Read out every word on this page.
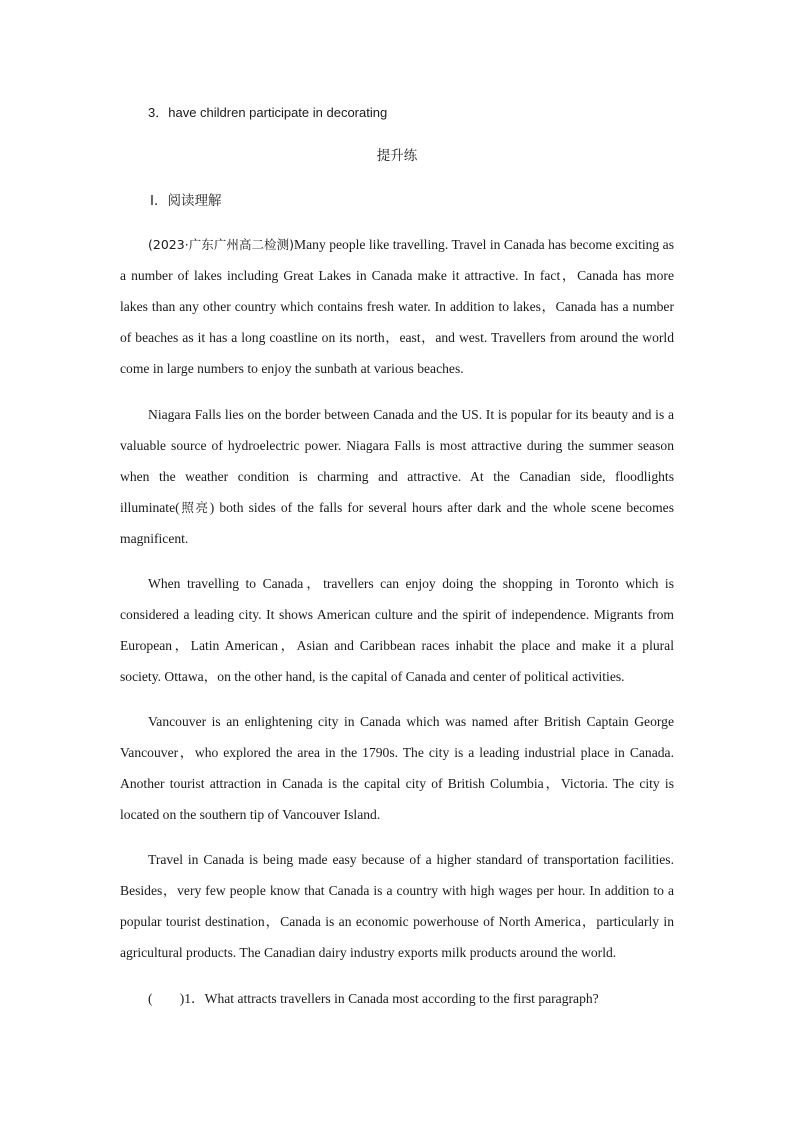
3．have children participate in decorating
提升练
Ⅰ．阅读理解
(2023·广东广州高二检测)Many people like travelling. Travel in Canada has become exciting as a number of lakes including Great Lakes in Canada make it attractive. In fact，Canada has more lakes than any other country which contains fresh water. In addition to lakes，Canada has a number of beaches as it has a long coastline on its north，east，and west. Travellers from around the world come in large numbers to enjoy the sunbath at various beaches.
Niagara Falls lies on the border between Canada and the US. It is popular for its beauty and is a valuable source of hydroelectric power. Niagara Falls is most attractive during the summer season when the weather condition is charming and attractive. At the Canadian side, floodlights illuminate(照亮) both sides of the falls for several hours after dark and the whole scene becomes magnificent.
When travelling to Canada，travellers can enjoy doing the shopping in Toronto which is considered a leading city. It shows American culture and the spirit of independence. Migrants from European，Latin American，Asian and Caribbean races inhabit the place and make it a plural society. Ottawa，on the other hand, is the capital of Canada and center of political activities.
Vancouver is an enlightening city in Canada which was named after British Captain George Vancouver，who explored the area in the 1790s. The city is a leading industrial place in Canada. Another tourist attraction in Canada is the capital city of British Columbia，Victoria. The city is located on the southern tip of Vancouver Island.
Travel in Canada is being made easy because of a higher standard of transportation facilities. Besides，very few people know that Canada is a country with high wages per hour. In addition to a popular tourist destination，Canada is an economic powerhouse of North America，particularly in agricultural products. The Canadian dairy industry exports milk products around the world.
(　　)1．What attracts travellers in Canada most according to the first paragraph?
